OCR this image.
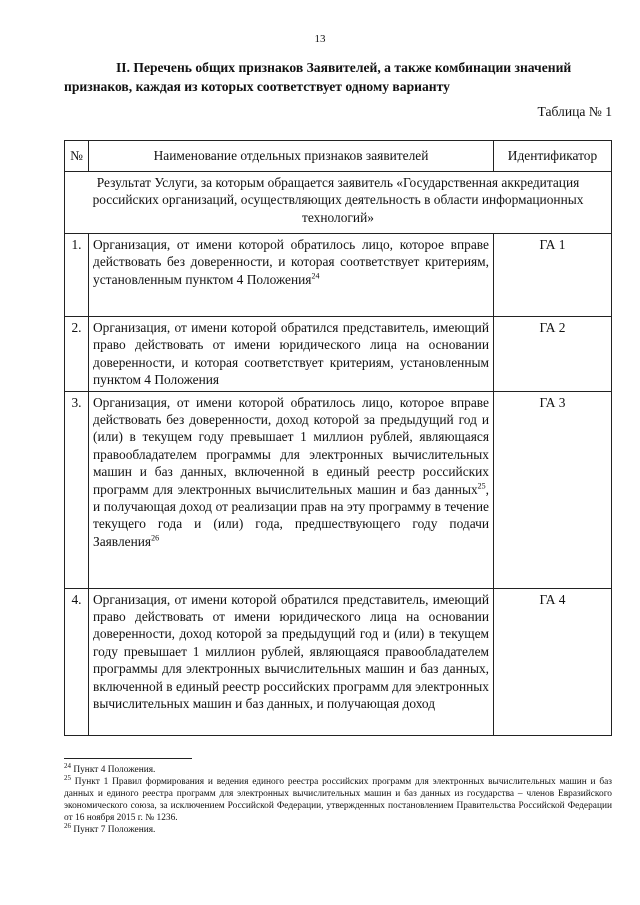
13

II. Перечень общих признаков Заявителей, а также комбинации значений признаков, каждая из которых соответствует одному варианту

Таблица № 1
№	Наименование отдельных признаков заявителей	Идентификатор
Результат Услуги, за которым обращается заявитель «Государственная аккредитация российских организаций, осуществляющих деятельность в области информационных технологий»		
1.	Организация, от имени которой обратилось лицо, которое вправе действовать без доверенности, и которая соответствует критериям, установленным пунктом 4 Положения$^{24}$	ГА 1
2.	Организация, от имени которой обратился представитель, имеющий право действовать от имени юридического лица на основании доверенности, и которая соответствует критериям, установленным пунктом 4 Положения	ГА 2
3.	Организация, от имени которой обратилось лицо, которое вправе действовать без доверенности, доход которой за предыдущий год и (или) в текущем году превышает 1 миллион рублей, являющаяся правообладателем программы для электронных вычислительных машин и баз данных, включенной в единый реестр российских программ для электронных вычислительных машин и баз данных$^{25}$, и получающая доход от реализации прав на эту программу в течение текущего года и (или) года, предшествующего году подачи Заявления$^{26}$	ГА 3
4.	Организация, от имени которой обратился представитель, имеющий право действовать от имени юридического лица на основании доверенности, доход которой за предыдущий год и (или) в текущем году превышает 1 миллион рублей, являющаяся правообладателем программы для электронных вычислительных машин и баз данных, включенной в единый реестр российских программ для электронных вычислительных машин и баз данных, и получающая доход	ГА 4

$^{24}$ Пункт 4 Положения.

$^{25}$ Пункт 1 Правил формирования и ведения единого реестра российских программ для электронных вычислительных машин и баз данных и единого реестра программ для электронных вычислительных машин и баз данных из государства – членов Евразийского экономического союза, за исключением Российской Федерации, утвержденных постановлением Правительства Российской Федерации от 16 ноября 2015 г. № 1236.

$^{26}$ Пункт 7 Положения.
